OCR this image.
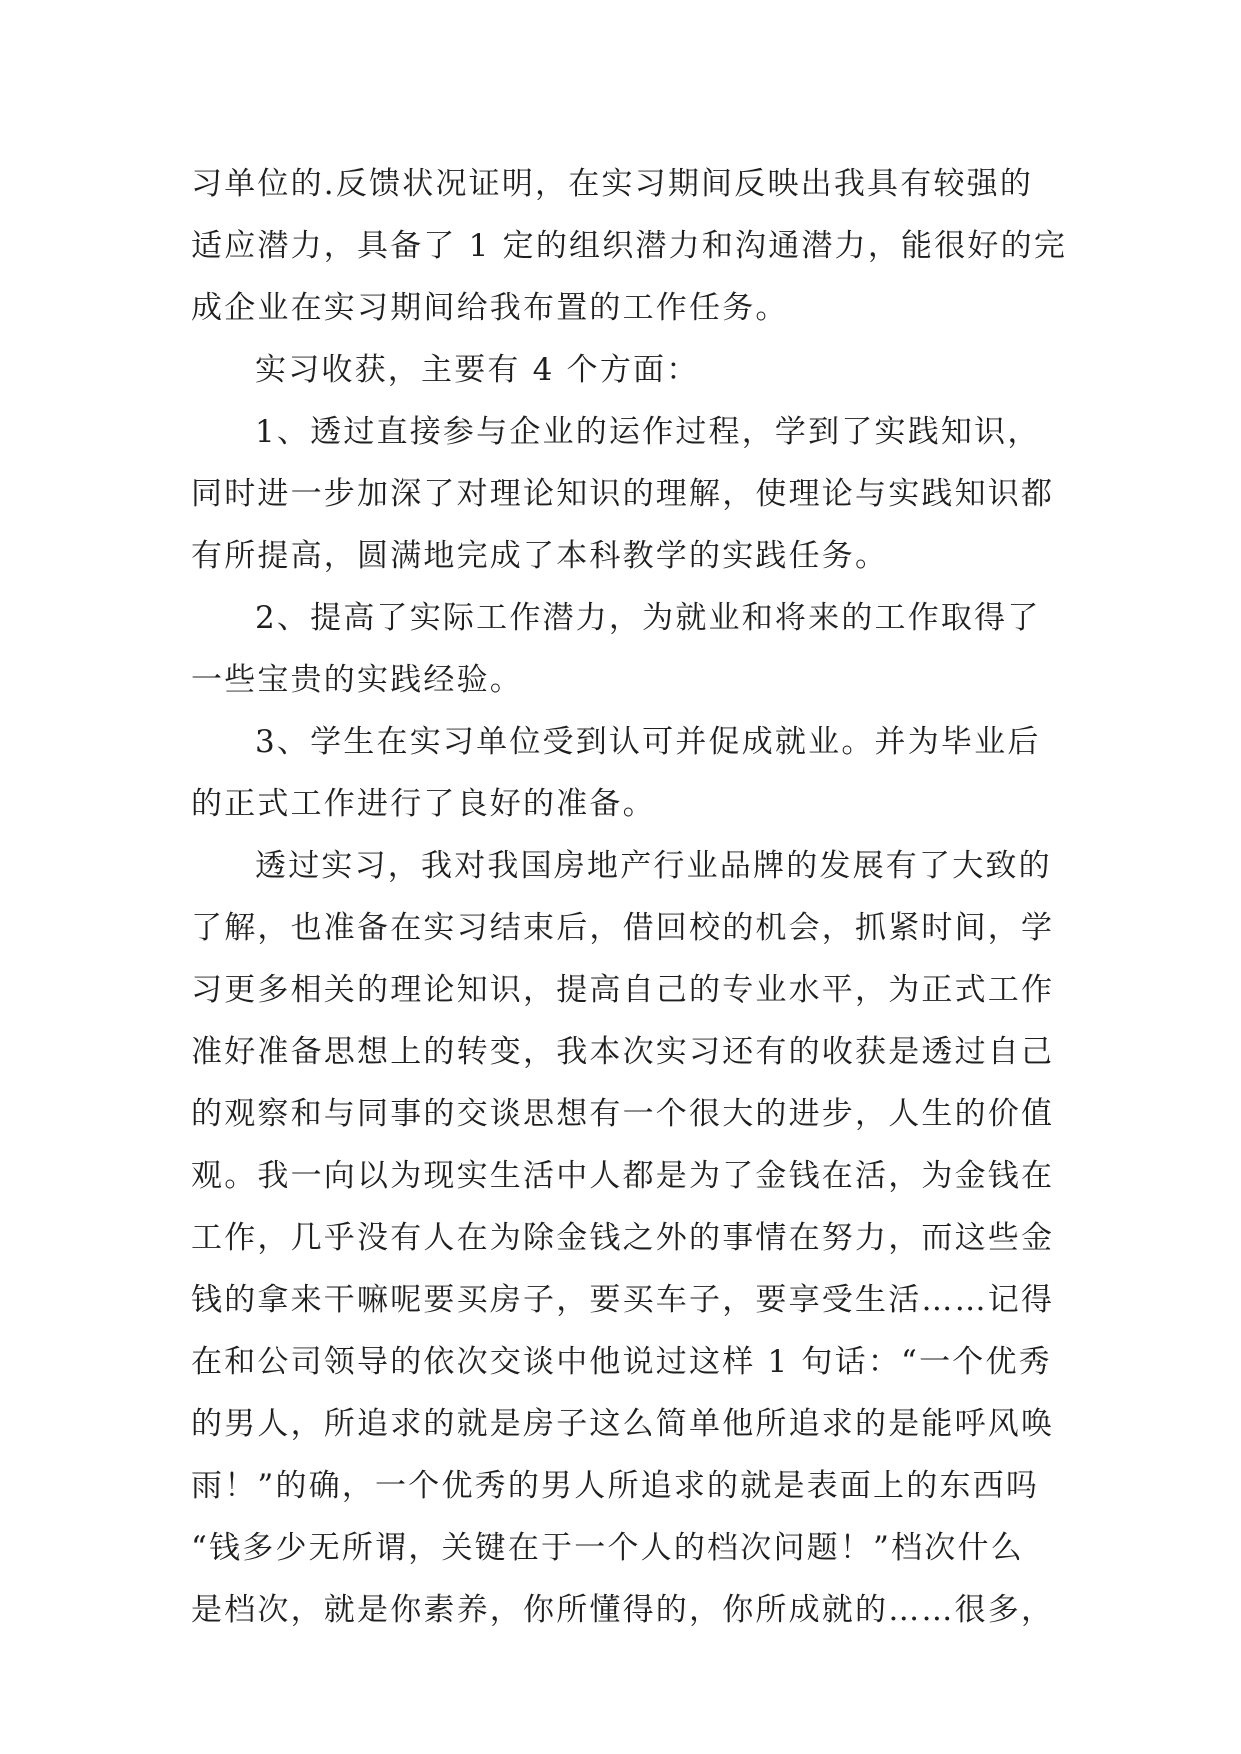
习单位的.反馈状况证明，在实习期间反映出我具有较强的
适应潜力，具备了 1 定的组织潜力和沟通潜力，能很好的完
成企业在实习期间给我布置的工作任务。
实习收获，主要有 4 个方面：
1、透过直接参与企业的运作过程，学到了实践知识，
同时进一步加深了对理论知识的理解，使理论与实践知识都
有所提高，圆满地完成了本科教学的实践任务。
2、提高了实际工作潜力，为就业和将来的工作取得了
一些宝贵的实践经验。
3、学生在实习单位受到认可并促成就业。并为毕业后
的正式工作进行了良好的准备。
透过实习，我对我国房地产行业品牌的发展有了大致的
了解，也准备在实习结束后，借回校的机会，抓紧时间，学
习更多相关的理论知识，提高自己的专业水平，为正式工作
准好准备思想上的转变，我本次实习还有的收获是透过自己
的观察和与同事的交谈思想有一个很大的进步，人生的价值
观。我一向以为现实生活中人都是为了金钱在活，为金钱在
工作，几乎没有人在为除金钱之外的事情在努力，而这些金
钱的拿来干嘛呢要买房子，要买车子，要享受生活……记得
在和公司领导的依次交谈中他说过这样 1 句话：“一个优秀
的男人，所追求的就是房子这么简单他所追求的是能呼风唤
雨！”的确，一个优秀的男人所追求的就是表面上的东西吗
“钱多少无所谓，关键在于一个人的档次问题！”档次什么
是档次，就是你素养，你所懂得的，你所成就的……很多，
